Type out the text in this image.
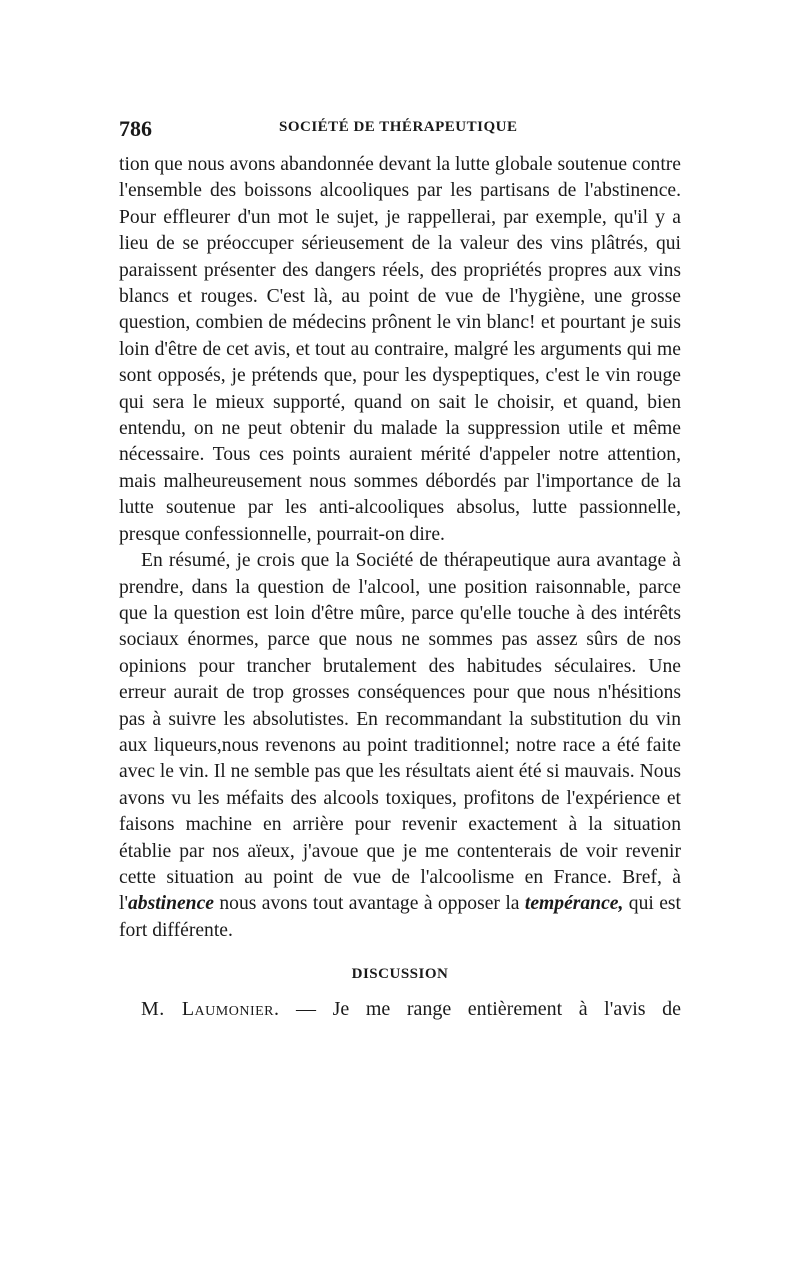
786	SOCIÉTÉ DE THÉRAPEUTIQUE

tion que nous avons abandonnée devant la lutte globale soutenue contre l'ensemble des boissons alcooliques par les partisans de l'abstinence. Pour effleurer d'un mot le sujet, je rappellerai, par exemple, qu'il y a lieu de se préoccuper sérieusement de la valeur des vins plâtrés, qui paraissent présenter des dangers réels, des propriétés propres aux vins blancs et rouges. C'est là, au point de vue de l'hygiène, une grosse question, combien de médecins prônent le vin blanc! et pourtant je suis loin d'être de cet avis, et tout au contraire, malgré les arguments qui me sont opposés, je prétends que, pour les dyspeptiques, c'est le vin rouge qui sera le mieux supporté, quand on sait le choisir, et quand, bien entendu, on ne peut obtenir du malade la suppression utile et même nécessaire. Tous ces points auraient mérité d'appeler notre attention, mais malheureusement nous sommes débordés par l'importance de la lutte soutenue par les anti-alcooliques absolus, lutte passionnelle, presque confessionnelle, pourrait-on dire.

En résumé, je crois que la Société de thérapeutique aura avantage à prendre, dans la question de l'alcool, une position raisonnable, parce que la question est loin d'être mûre, parce qu'elle touche à des intérêts sociaux énormes, parce que nous ne sommes pas assez sûrs de nos opinions pour trancher brutalement des habitudes séculaires. Une erreur aurait de trop grosses conséquences pour que nous n'hésitions pas à suivre les absolutistes. En recommandant la substitution du vin aux liqueurs,nous revenons au point traditionnel; notre race a été faite avec le vin. Il ne semble pas que les résultats aient été si mauvais. Nous avons vu les méfaits des alcools toxiques, profitons de l'expérience et faisons machine en arrière pour revenir exactement à la situation établie par nos aïeux, j'avoue que je me contenterais de voir revenir cette situation au point de vue de l'alcoolisme en France. Bref, à l'abstinence nous avons tout avantage à opposer la tempérance, qui est fort différente.

DISCUSSION
M. Laumonier. — Je me range entièrement à l'avis de
